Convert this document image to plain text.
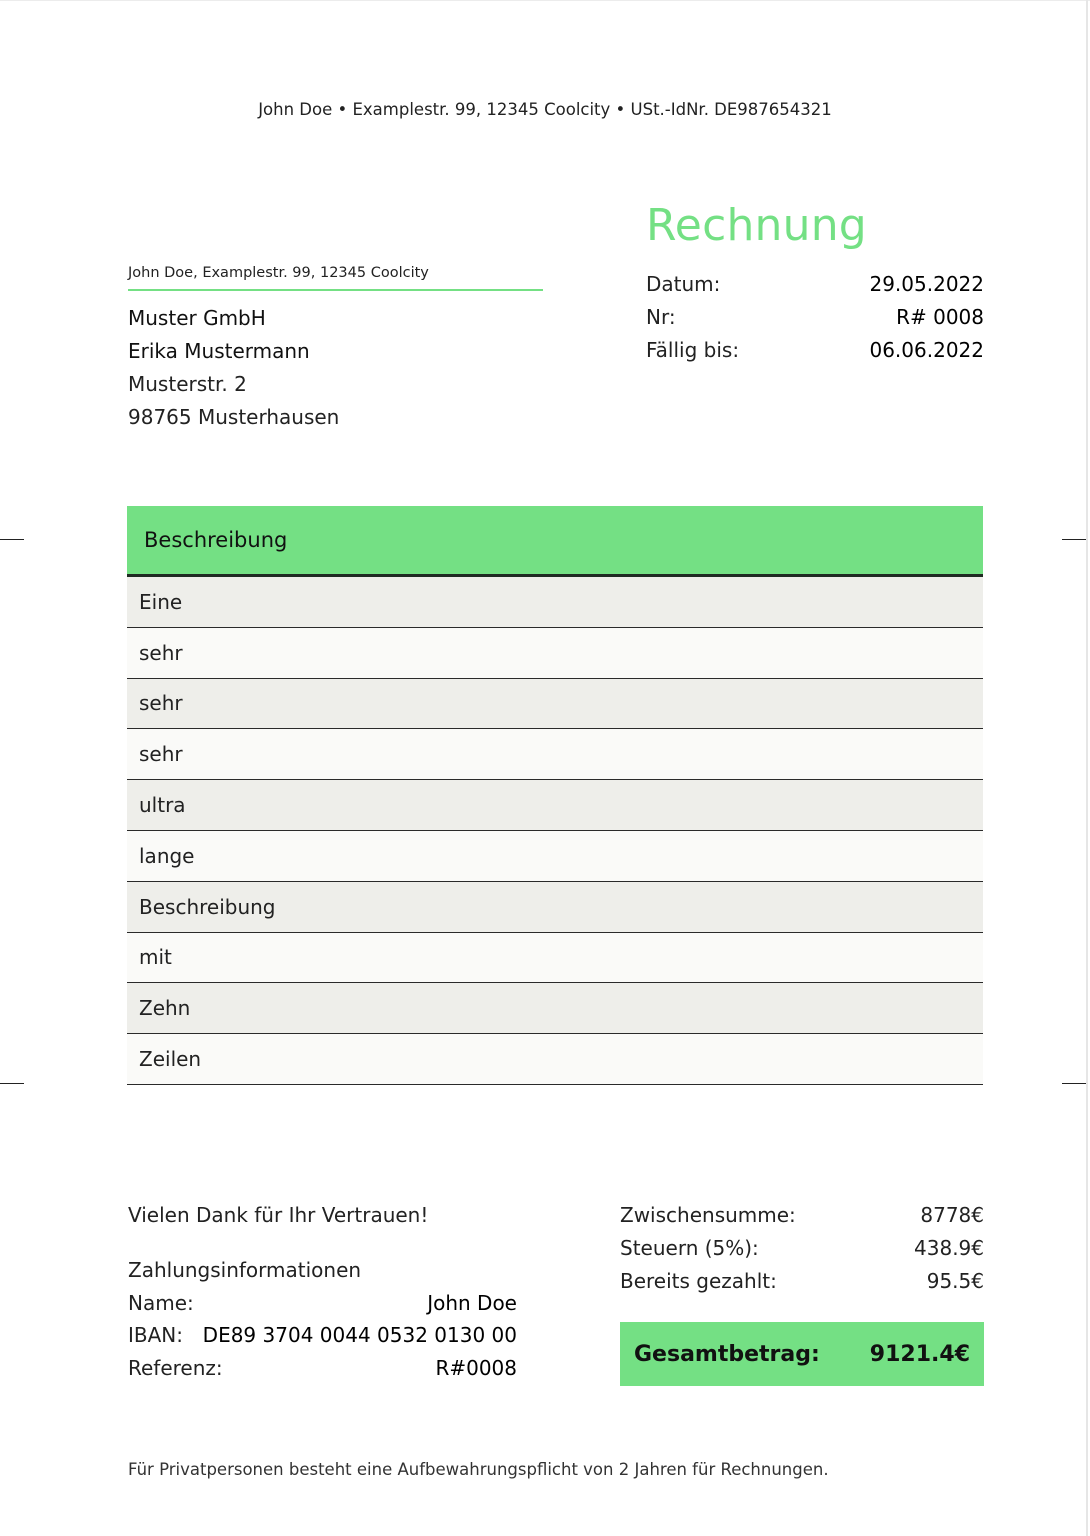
John Doe • Examplestr. 99, 12345 Coolcity • USt.-IdNr. DE987654321
John Doe, Examplestr. 99, 12345 Coolcity
Muster GmbH
Erika Mustermann
Musterstr. 2
98765 Musterhausen
Rechnung
Datum:	29.05.2022
Nr:	R# 0008
Fällig bis:	06.06.2022
Beschreibung
Eine
sehr
sehr
sehr
ultra
lange
Beschreibung
mit
Zehn
Zeilen
Vielen Dank für Ihr Vertrauen!
Zahlungsinformationen
Name:	John Doe
IBAN: DE89 3704 0044 0532 0130 00
Referenz:	R#0008
Zwischensumme:	8778€
Steuern (5%):	438.9€
Bereits gezahlt:	95.5€
Gesamtbetrag: 9121.4€
Für Privatpersonen besteht eine Aufbewahrungspflicht von 2 Jahren für Rechnungen.
